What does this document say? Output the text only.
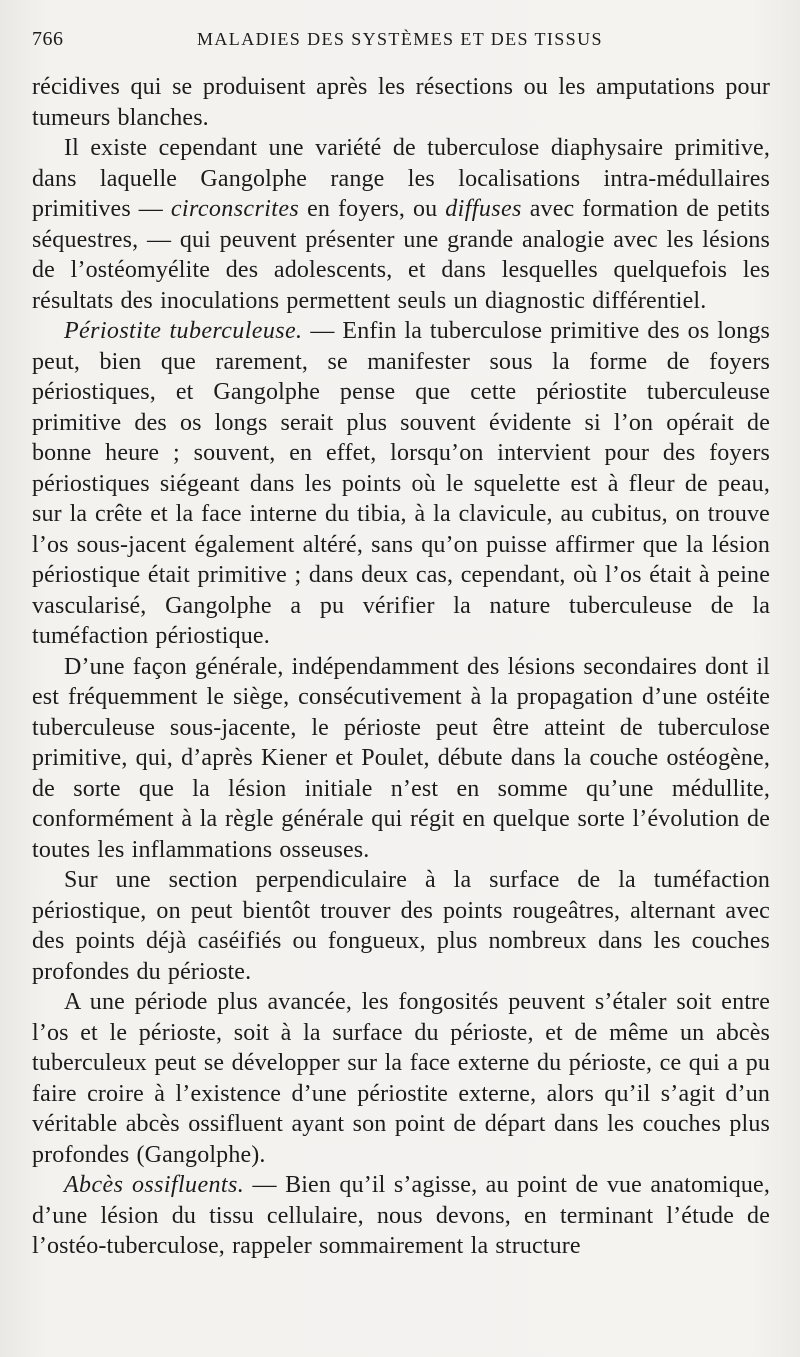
766	MALADIES DES SYSTÈMES ET DES TISSUS

récidives qui se produisent après les résections ou les amputations pour tumeurs blanches.

Il existe cependant une variété de tuberculose diaphysaire primitive, dans laquelle Gangolphe range les localisations intra-médullaires primitives — circonscrites en foyers, ou diffuses avec formation de petits séquestres, — qui peuvent présenter une grande analogie avec les lésions de l’ostéomyélite des adolescents, et dans lesquelles quelquefois les résultats des inoculations permettent seuls un diagnostic différentiel.

Périostite tuberculeuse. — Enfin la tuberculose primitive des os longs peut, bien que rarement, se manifester sous la forme de foyers périostiques, et Gangolphe pense que cette périostite tuberculeuse primitive des os longs serait plus souvent évidente si l’on opérait de bonne heure ; souvent, en effet, lorsqu’on intervient pour des foyers périostiques siégeant dans les points où le squelette est à fleur de peau, sur la crête et la face interne du tibia, à la clavicule, au cubitus, on trouve l’os sous-jacent également altéré, sans qu’on puisse affirmer que la lésion périostique était primitive ; dans deux cas, cependant, où l’os était à peine vascularisé, Gangolphe a pu vérifier la nature tuberculeuse de la tuméfaction périostique.

D’une façon générale, indépendamment des lésions secondaires dont il est fréquemment le siège, consécutivement à la propagation d’une ostéite tuberculeuse sous-jacente, le périoste peut être atteint de tuberculose primitive, qui, d’après Kiener et Poulet, débute dans la couche ostéogène, de sorte que la lésion initiale n’est en somme qu’une médullite, conformément à la règle générale qui régit en quelque sorte l’évolution de toutes les inflammations osseuses.

Sur une section perpendiculaire à la surface de la tuméfaction périostique, on peut bientôt trouver des points rougeâtres, alternant avec des points déjà caséifiés ou fongueux, plus nombreux dans les couches profondes du périoste.

A une période plus avancée, les fongosités peuvent s’étaler soit entre l’os et le périoste, soit à la surface du périoste, et de même un abcès tuberculeux peut se développer sur la face externe du périoste, ce qui a pu faire croire à l’existence d’une périostite externe, alors qu’il s’agit d’un véritable abcès ossifluent ayant son point de départ dans les couches plus profondes (Gangolphe).

Abcès ossifluents. — Bien qu’il s’agisse, au point de vue anatomique, d’une lésion du tissu cellulaire, nous devons, en terminant l’étude de l’ostéo-tuberculose, rappeler sommairement la structure
